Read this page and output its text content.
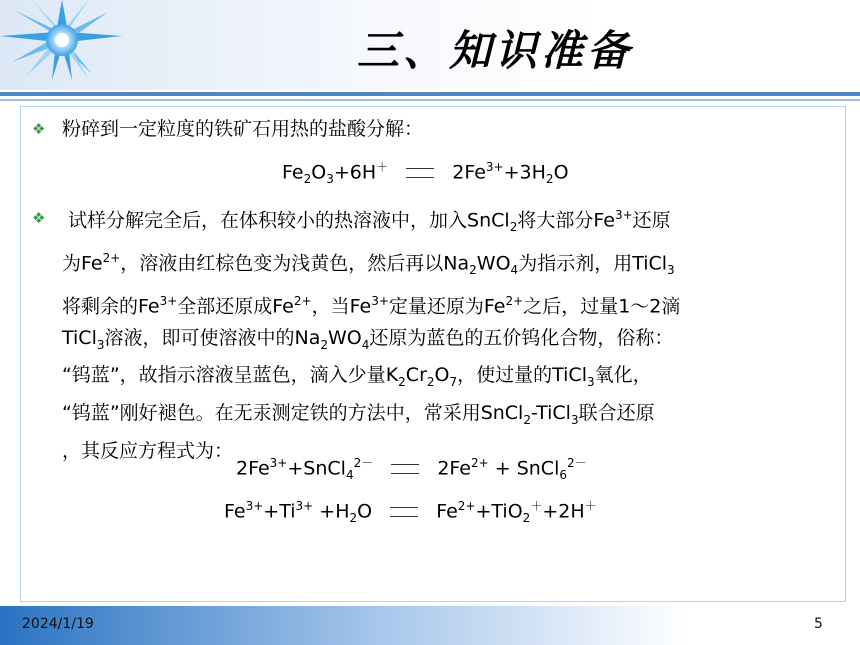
三、知识准备
❖ 粉碎到一定粒度的铁矿石用热的盐酸分解：
$Fe_2O_3+6H^+$	$2Fe^{3+}+3H_2O$
❖	试样分解完全后，在体积较小的热溶液中，加入SnCl$_2$将大部分$Fe^{3+}$还原
为$Fe^{2+}$，溶液由红棕色变为浅黄色，然后再以$Na_2WO_4$为指示剂，用TiCl$_3$
将剩余的$Fe^{3+}$全部还原成$Fe^{2+}$，当$Fe^{3+}$定量还原为$Fe^{2+}$之后，过量1～2滴
TiCl$_3$溶液，即可使溶液中的$Na_2WO_4$还原为蓝色的五价钨化合物，俗称：
“钨蓝”，故指示溶液呈蓝色，滴入少量$K_2Cr_2O_7$，使过量的TiCl$_3$氧化，
“钨蓝”刚好褪色。在无汞测定铁的方法中，常采用SnCl$_2$-TiCl$_3$联合还原
，其反应方程式为：
$2Fe^{3+}+SnCl_4^{2-}$	$2Fe^{2+}$ + SnCl$_6^{2-}$
$Fe^{3+}+Ti^{3+} +H_2O$	$Fe^{2+}+TiO_2^++2H^+$
2024/1/19	5
